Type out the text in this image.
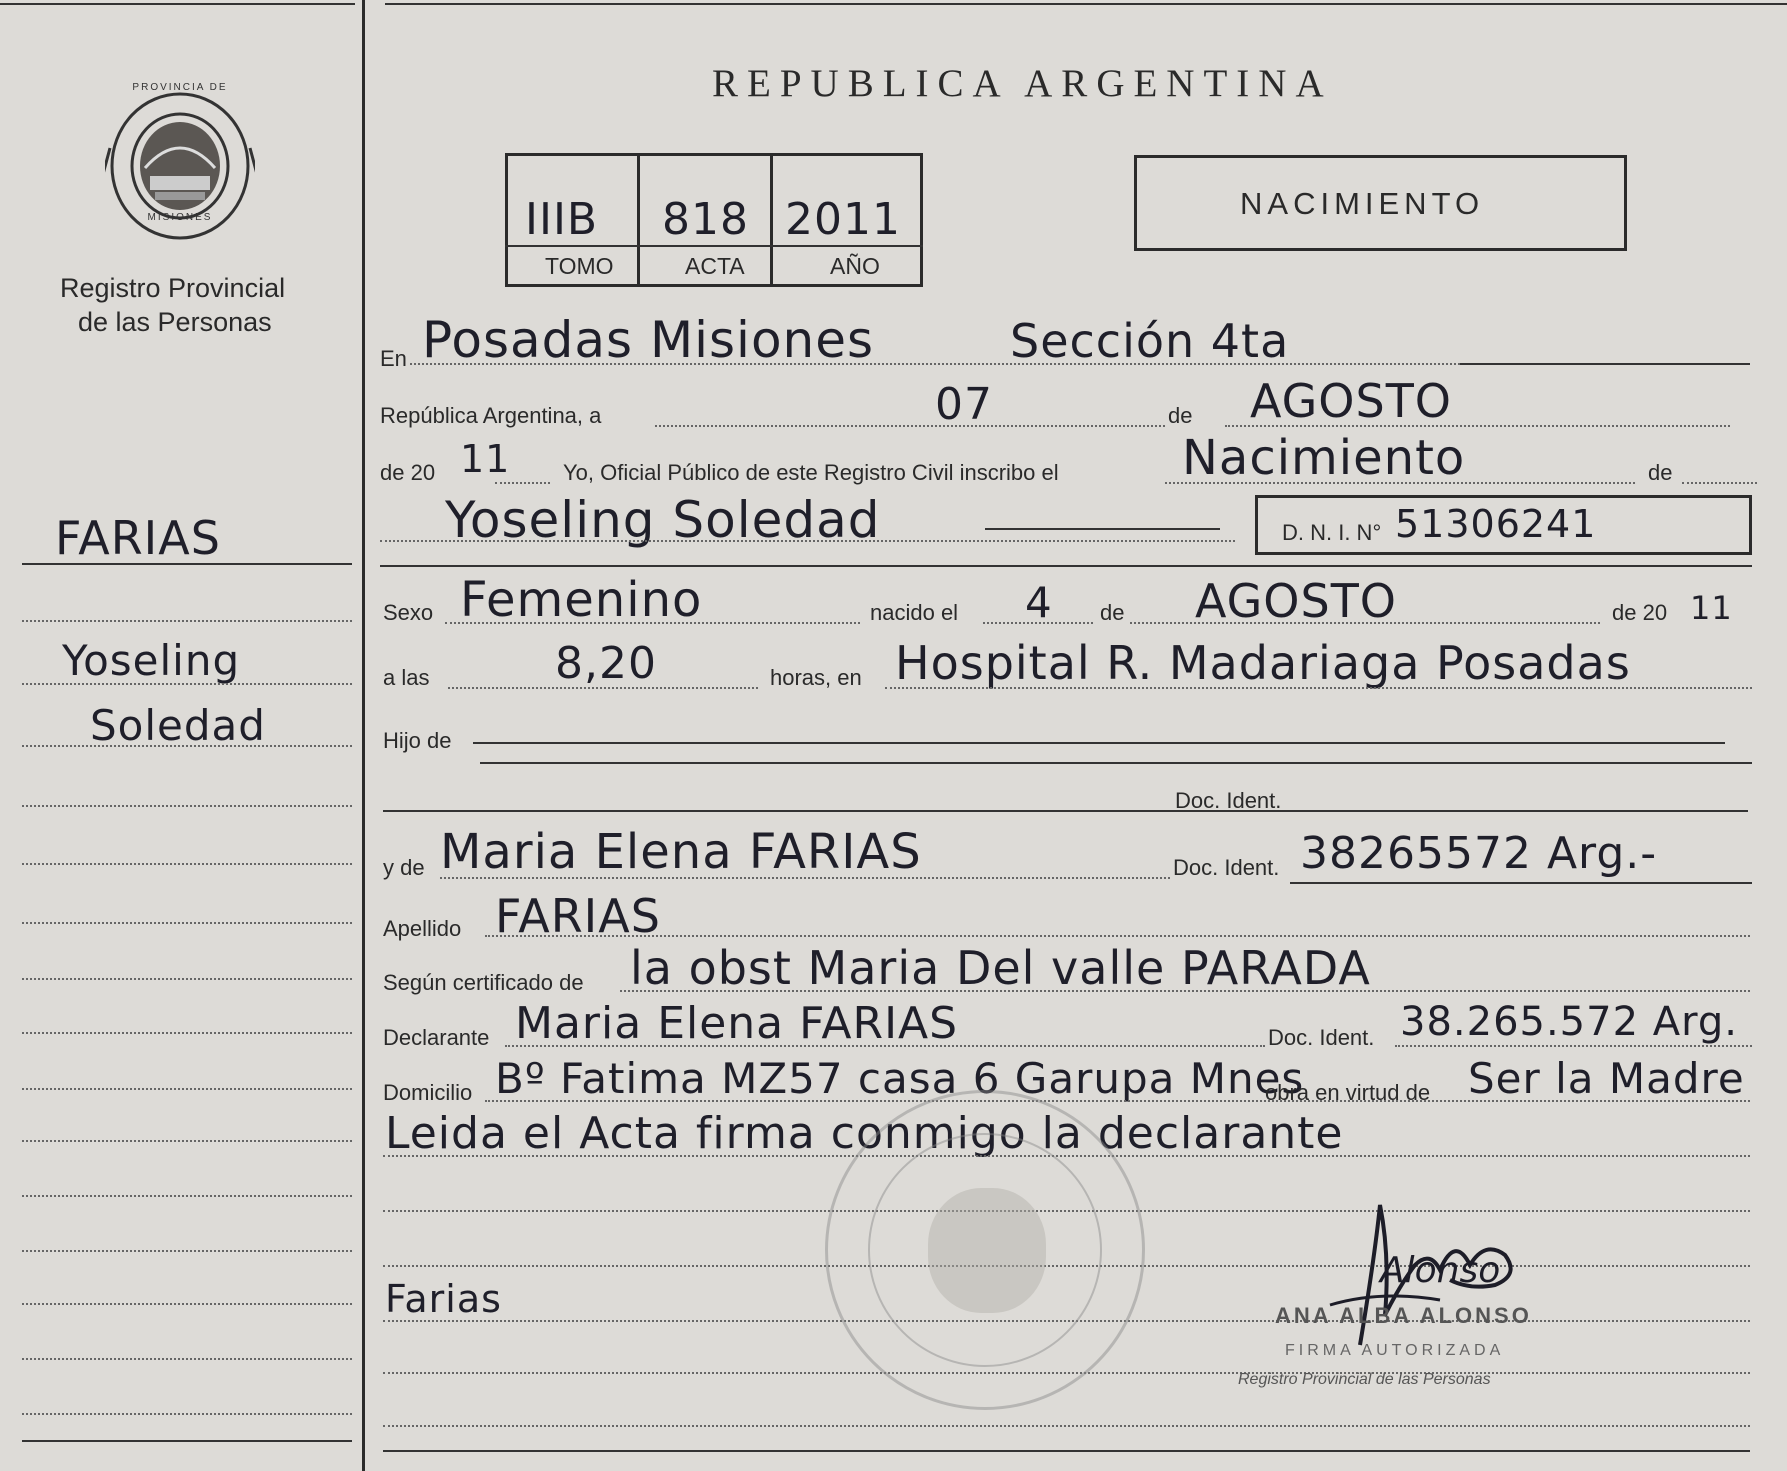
PROVINCIA DE
MISIONES
Registro Provincial
de las Personas
FARIAS
Yoseling
Soledad
REPUBLICA ARGENTINA
IIIB 818 2011
TOMO	ACTA	AÑO
NACIMIENTO
En Posadas Misiones	Sección 4ta
República Argentina, a	07	de AGOSTO
de 20 11 Yo, Oficial Público de este Registro Civil inscribo el	Nacimiento	de
Yoseling Soledad	D. N. I. N° 51306241
Sexo Femenino	nacido el 4 de AGOSTO	de 20 11
a las	8,20	horas, en Hospital R. Madariaga Posadas
Hijo de
Doc. Ident.
y de Maria Elena FARIAS	Doc. Ident. 38265572 Arg.-
Apellido FARIAS
Según certificado de la obst Maria Del valle PARADA
Declarante Maria Elena FARIAS	Doc. Ident. 38.265.572 Arg.
Domicilio Bº Fatima MZ57 casa 6 Garupa Mnes
obra en virtud de Ser la Madre
Leida el Acta firma conmigo la declarante
Farias
Alonso
ANA ALBA ALONSO
FIRMA AUTORIZADA
Registro Provincial de las Personas
